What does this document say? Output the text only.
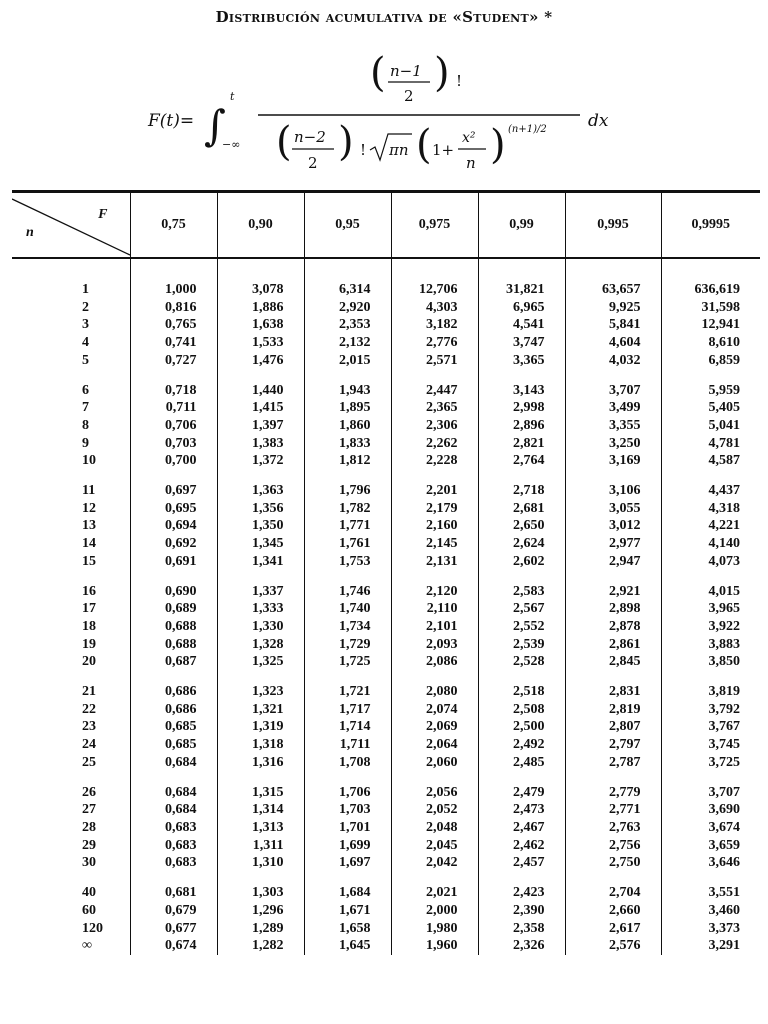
Distribución acumulativa de «Student» *
F(t)= ∫
t
−∞
( n−1
2 ) !
( n−2
2 ) ! πn ( 1+
x²
n ) (n+1)/2 dx
F
n	0,75	0,90	0,95	0,975	0,99	0,995	0,9995
1	1,000	3,078	6,314	12,706	31,821	63,657	636,619
2	0,816	1,886	2,920	4,303	6,965	9,925	31,598
3	0,765	1,638	2,353	3,182	4,541	5,841	12,941
4	0,741	1,533	2,132	2,776	3,747	4,604	8,610
5	0,727	1,476	2,015	2,571	3,365	4,032	6,859
6	0,718	1,440	1,943	2,447	3,143	3,707	5,959
7	0,711	1,415	1,895	2,365	2,998	3,499	5,405
8	0,706	1,397	1,860	2,306	2,896	3,355	5,041
9	0,703	1,383	1,833	2,262	2,821	3,250	4,781
10	0,700	1,372	1,812	2,228	2,764	3,169	4,587
11	0,697	1,363	1,796	2,201	2,718	3,106	4,437
12	0,695	1,356	1,782	2,179	2,681	3,055	4,318
13	0,694	1,350	1,771	2,160	2,650	3,012	4,221
14	0,692	1,345	1,761	2,145	2,624	2,977	4,140
15	0,691	1,341	1,753	2,131	2,602	2,947	4,073
16	0,690	1,337	1,746	2,120	2,583	2,921	4,015
17	0,689	1,333	1,740	2,110	2,567	2,898	3,965
18	0,688	1,330	1,734	2,101	2,552	2,878	3,922
19	0,688	1,328	1,729	2,093	2,539	2,861	3,883
20	0,687	1,325	1,725	2,086	2,528	2,845	3,850
21	0,686	1,323	1,721	2,080	2,518	2,831	3,819
22	0,686	1,321	1,717	2,074	2,508	2,819	3,792
23	0,685	1,319	1,714	2,069	2,500	2,807	3,767
24	0,685	1,318	1,711	2,064	2,492	2,797	3,745
25	0,684	1,316	1,708	2,060	2,485	2,787	3,725
26	0,684	1,315	1,706	2,056	2,479	2,779	3,707
27	0,684	1,314	1,703	2,052	2,473	2,771	3,690
28	0,683	1,313	1,701	2,048	2,467	2,763	3,674
29	0,683	1,311	1,699	2,045	2,462	2,756	3,659
30	0,683	1,310	1,697	2,042	2,457	2,750	3,646
40	0,681	1,303	1,684	2,021	2,423	2,704	3,551
60	0,679	1,296	1,671	2,000	2,390	2,660	3,460
120	0,677	1,289	1,658	1,980	2,358	2,617	3,373
∞	0,674	1,282	1,645	1,960	2,326	2,576	3,291
